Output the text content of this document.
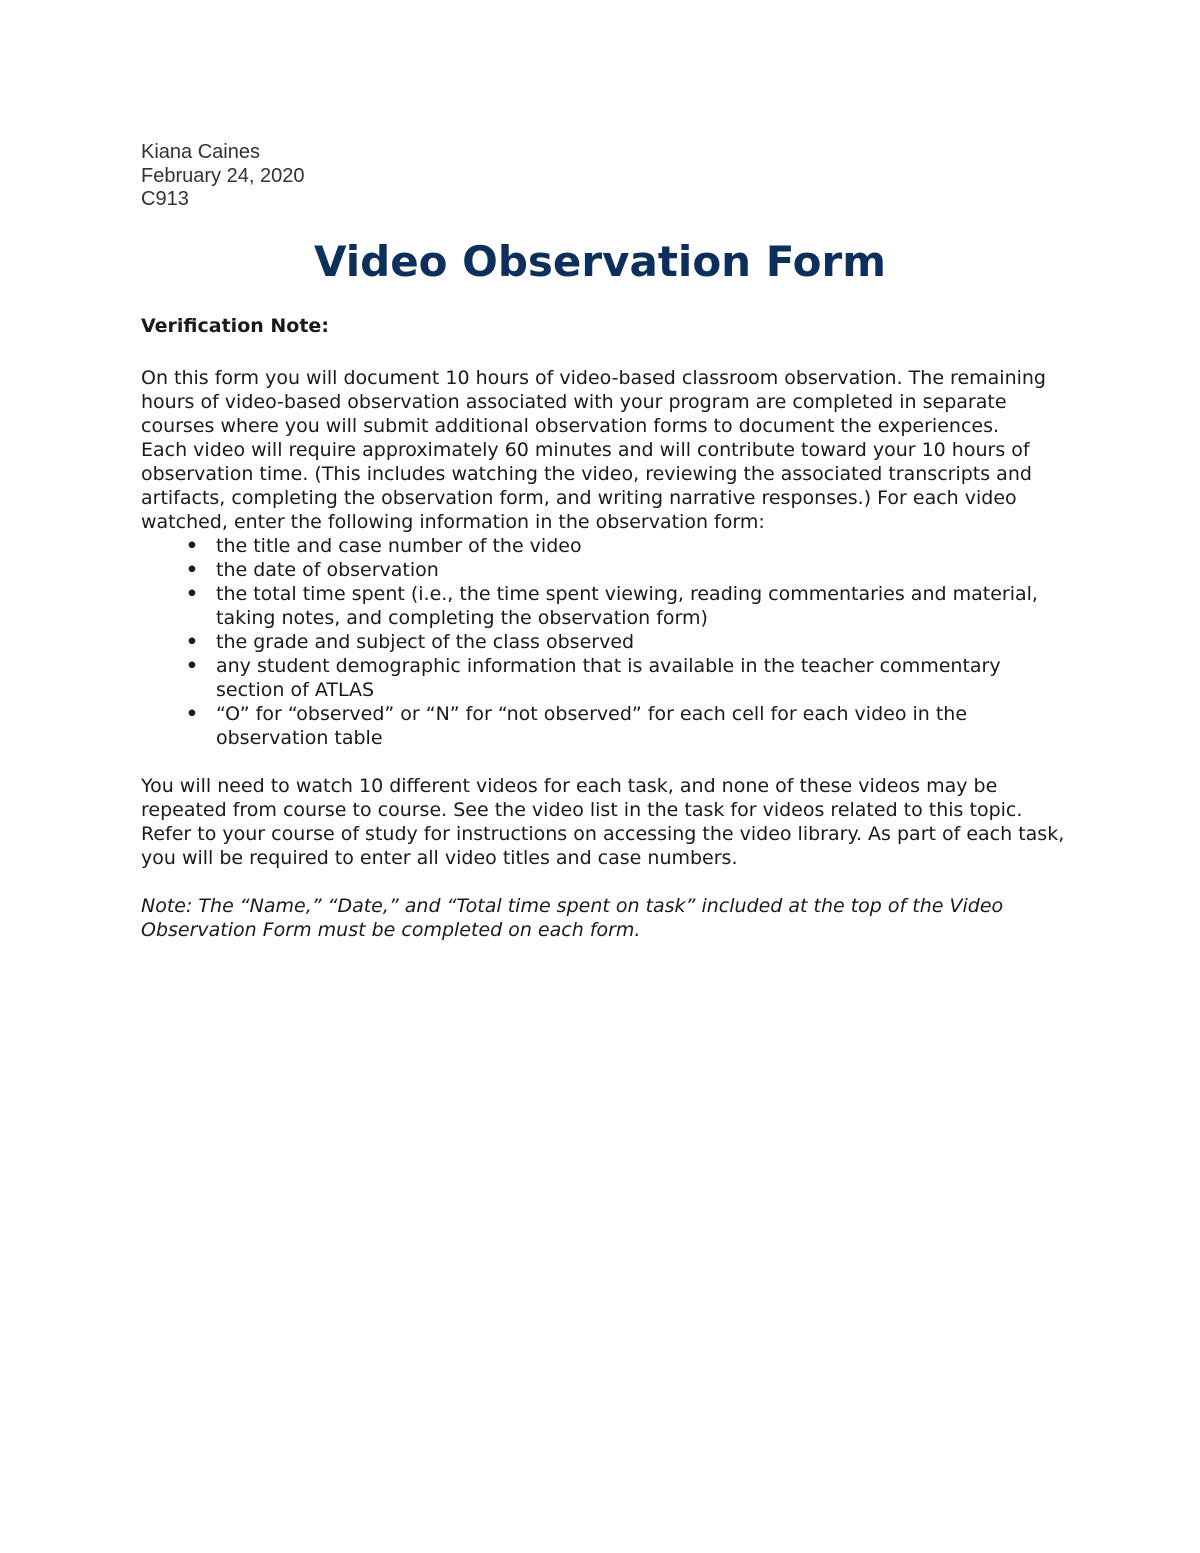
Kiana Caines
February 24, 2020
C913
Video Observation Form
Verification Note:

On this form you will document 10 hours of video-based classroom observation. The remaining hours of video-based observation associated with your program are completed in separate courses where you will submit additional observation forms to document the experiences.

Each video will require approximately 60 minutes and will contribute toward your 10 hours of observation time. (This includes watching the video, reviewing the associated transcripts and artifacts, completing the observation form, and writing narrative responses.) For each video watched, enter the following information in the observation form:

• the title and case number of the video
• the date of observation
• the total time spent (i.e., the time spent viewing, reading commentaries and material, taking notes, and completing the observation form)
• the grade and subject of the class observed
• any student demographic information that is available in the teacher commentary section of ATLAS
• “O” for “observed” or “N” for “not observed” for each cell for each video in the observation table

You will need to watch 10 different videos for each task, and none of these videos may be repeated from course to course. See the video list in the task for videos related to this topic. Refer to your course of study for instructions on accessing the video library. As part of each task, you will be required to enter all video titles and case numbers.

Note: The “Name,” “Date,” and “Total time spent on task” included at the top of the Video Observation Form must be completed on each form.
